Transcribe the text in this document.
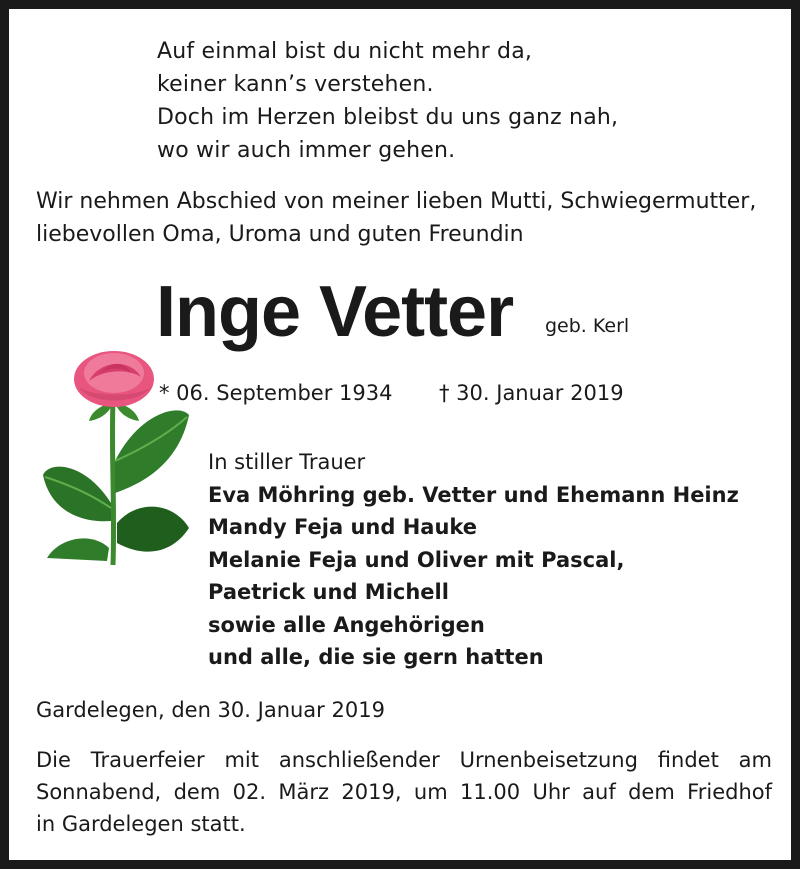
Auf einmal bist du nicht mehr da,
keiner kann’s verstehen.
Doch im Herzen bleibst du uns ganz nah,
wo wir auch immer gehen.
Wir nehmen Abschied von meiner lieben Mutti, Schwiegermutter,
liebevollen Oma, Uroma und guten Freundin
Inge Vetter geb. Kerl
* 06. September 1934 † 30. Januar 2019
In stiller Trauer
Eva Möhring geb. Vetter und Ehemann Heinz
Mandy Feja und Hauke
Melanie Feja und Oliver mit Pascal,
Paetrick und Michell
sowie alle Angehörigen
und alle, die sie gern hatten
Gardelegen, den 30. Januar 2019
Die Trauerfeier mit anschließender Urnenbeisetzung findet am
Sonnabend, dem 02. März 2019, um 11.00 Uhr auf dem Friedhof
in Gardelegen statt.
